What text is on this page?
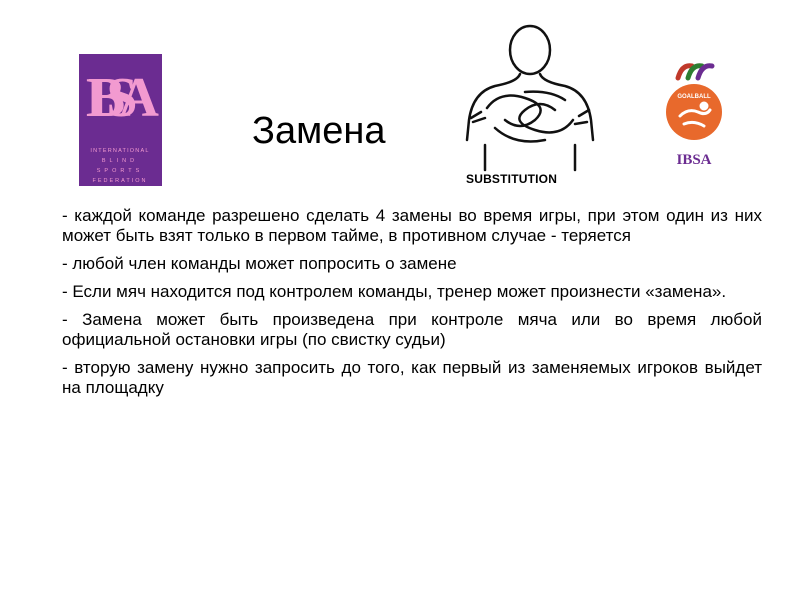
IBSA
INTERNATIONAL
BLIND
SPORTS
FEDERATION
Замена
SUBSTITUTION
GOALBALL
IBSA

- каждой команде разрешено сделать 4 замены во время игры, при этом один из них может быть взят только в первом тайме, в противном случае - теряется

- любой член команды может попросить о замене

- Если мяч находится под контролем команды, тренер может произнести «замена».

- Замена может быть произведена при контроле мяча или во время любой официальной остановки игры (по свистку судьи)

- вторую замену нужно запросить до того, как первый из заменяемых игроков выйдет на площадку
